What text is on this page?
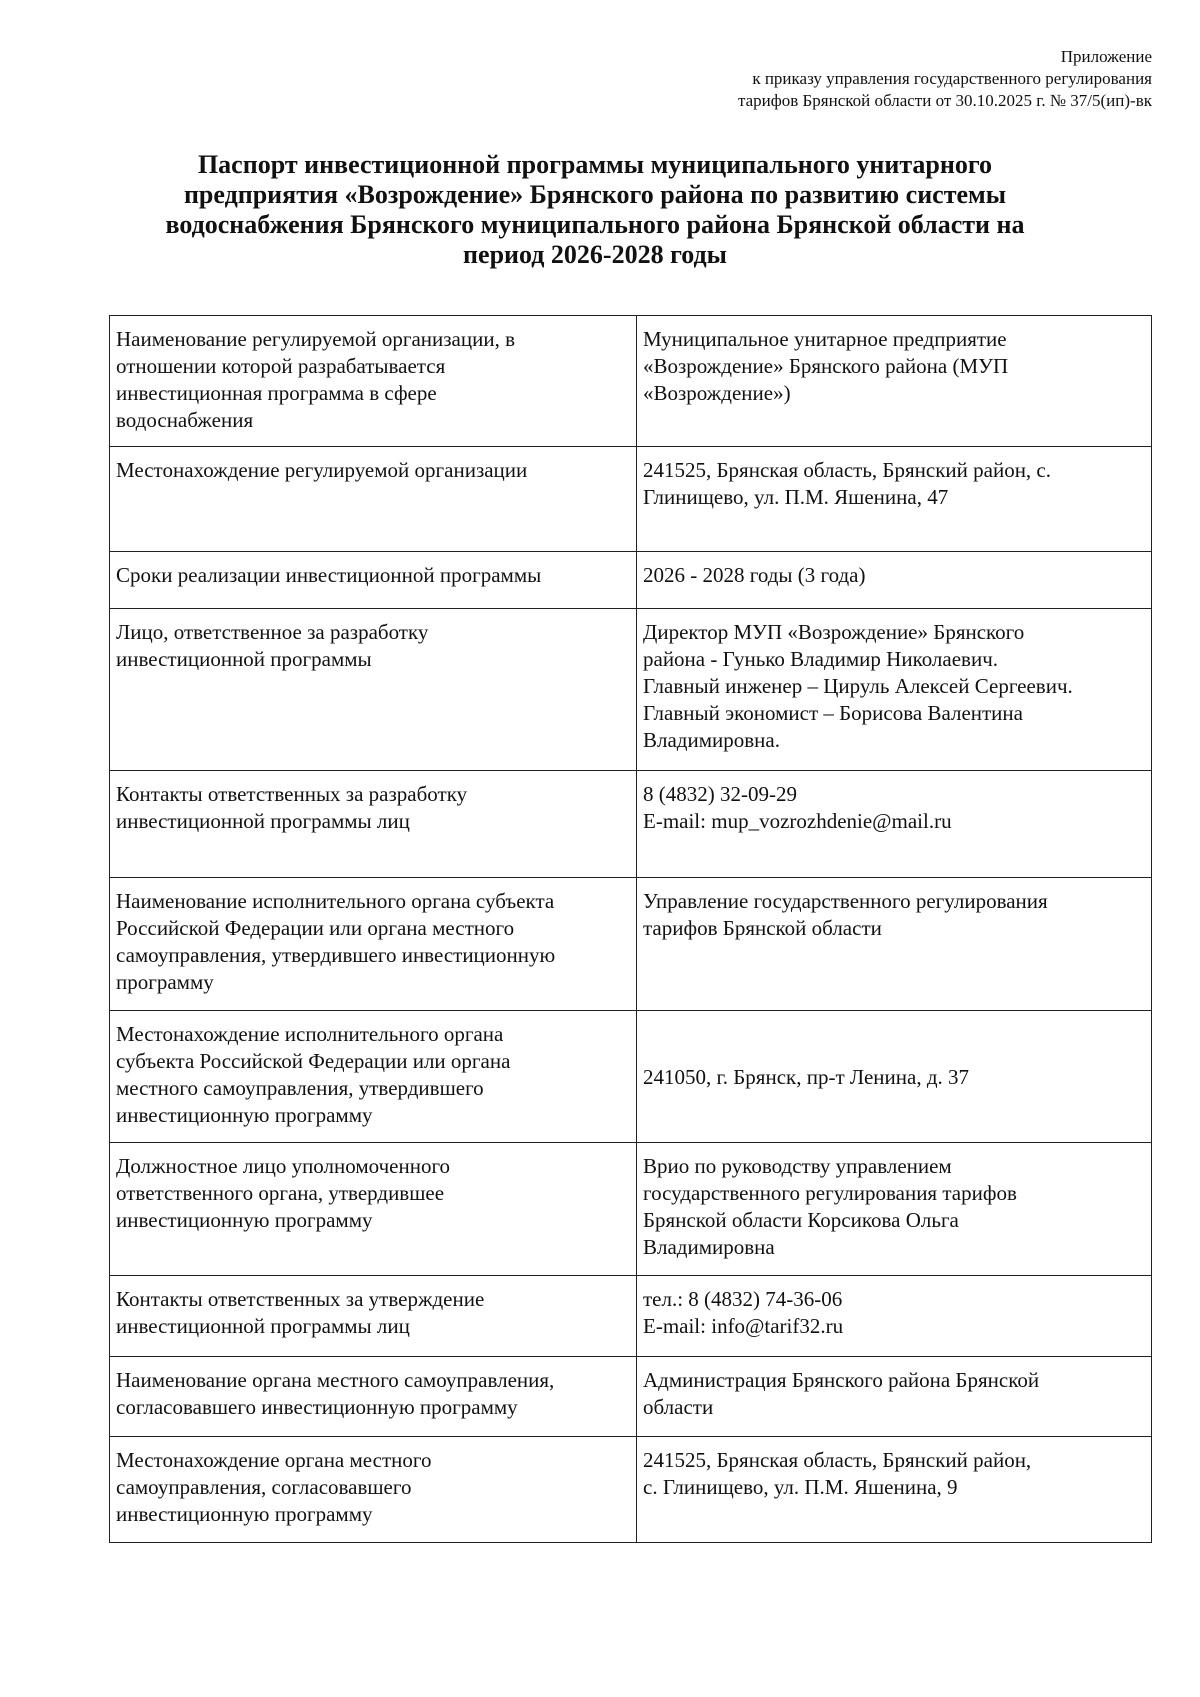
Приложение
к приказу управления государственного регулирования
тарифов Брянской области от 30.10.2025 г. № 37/5(ип)-вк
Паспорт инвестиционной программы муниципального унитарного
предприятия «Возрождение» Брянского района по развитию системы
водоснабжения Брянского муниципального района Брянской области на
период 2026-2028 годы
Наименование регулируемой организации, в
отношении которой разрабатывается
инвестиционная программа в сфере
водоснабжения	Муниципальное унитарное предприятие
«Возрождение» Брянского района (МУП
«Возрождение»)

Местонахождение регулируемой организации	241525, Брянская область, Брянский район, с.
Глинищево, ул. П.М. Яшенина, 47

Сроки реализации инвестиционной программы	2026 - 2028 годы (3 года)

Лицо, ответственное за разработку
инвестиционной программы	Директор МУП «Возрождение» Брянского
района - Гунько Владимир Николаевич.
Главный инженер – Цируль Алексей Сергеевич.
Главный экономист – Борисова Валентина
Владимировна.

Контакты ответственных за разработку
инвестиционной программы лиц	8 (4832) 32-09-29
E-mail: mup_vozrozhdenie@mail.ru

Наименование исполнительного органа субъекта
Российской Федерации или органа местного
самоуправления, утвердившего инвестиционную
программу	Управление государственного регулирования
тарифов Брянской области

Местонахождение исполнительного органа
субъекта Российской Федерации или органа
местного самоуправления, утвердившего
инвестиционную программу	241050, г. Брянск, пр-т Ленина, д. 37

Должностное лицо уполномоченного
ответственного органа, утвердившее
инвестиционную программу	Врио по руководству управлением
государственного регулирования тарифов
Брянской области Корсикова Ольга
Владимировна

Контакты ответственных за утверждение
инвестиционной программы лиц	тел.: 8 (4832) 74-36-06
E-mail: info@tarif32.ru

Наименование органа местного самоуправления,
согласовавшего инвестиционную программу	Администрация Брянского района Брянской
области

Местонахождение органа местного
самоуправления, согласовавшего
инвестиционную программу	241525, Брянская область, Брянский район,
с. Глинищево, ул. П.М. Яшенина, 9
